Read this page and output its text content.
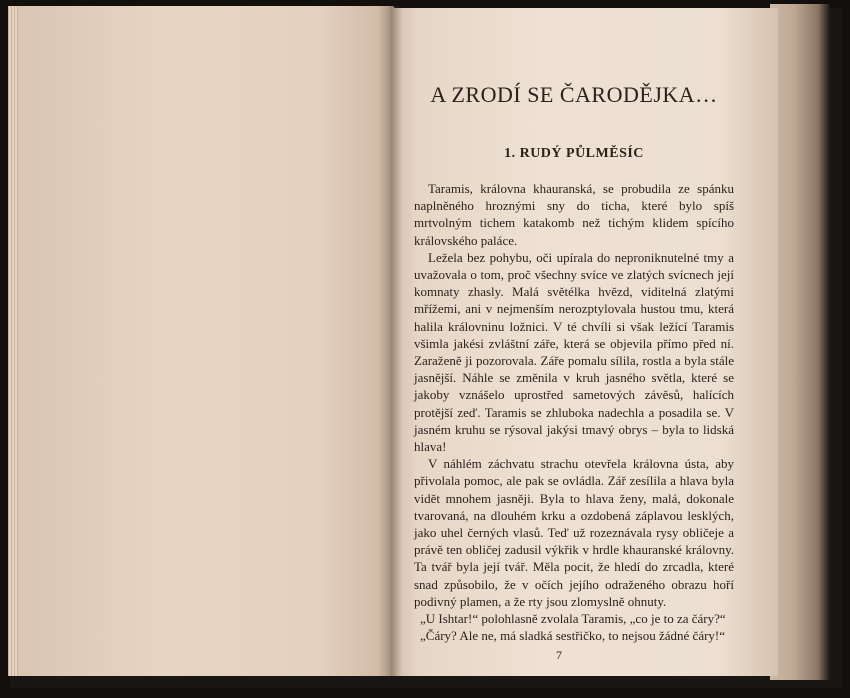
A ZRODÍ SE ČARODĚJKA…
1. RUDÝ PŮLMĚSÍC

Taramis, královna khauranská, se probudila ze spánku naplněného hroznými sny do ticha, které bylo spíš mrtvolným tichem katakomb než tichým klidem spícího královského paláce.

Ležela bez pohybu, oči upírala do neproniknutelné tmy a uvažovala o tom, proč všechny svíce ve zlatých svícnech její komnaty zhasly. Malá světélka hvězd, viditelná zlatými mřížemi, ani v nejmenším nerozptylovala hustou tmu, která halila královninu ložnici. V té chvíli si však ležící Taramis všimla jakési zvláštní záře, která se objevila přímo před ní. Zaraženě ji pozorovala. Záře pomalu sílila, rostla a byla stále jasnější. Náhle se změnila v kruh jasného světla, které se jakoby vznášelo uprostřed sametových závěsů, halících protější zeď. Taramis se zhluboka nadechla a posadila se. V jasném kruhu se rýsoval jakýsi tmavý obrys – byla to lidská hlava!

V náhlém záchvatu strachu otevřela královna ústa, aby přivolala pomoc, ale pak se ovládla. Zář zesílila a hlava byla vidět mnohem jasněji. Byla to hlava ženy, malá, dokonale tvarovaná, na dlouhém krku a ozdobená záplavou lesklých, jako uhel černých vlasů. Teď už rozeznávala rysy obličeje a právě ten obličej zadusil výkřik v hrdle khauranské královny. Ta tvář byla její tvář. Měla pocit, že hledí do zrcadla, které snad způsobilo, že v očích jejího odraženého obrazu hoří podivný plamen, a že rty jsou zlomyslně ohnuty.

„U Ishtar!“ polohlasně zvolala Taramis, „co je to za čáry?“

„Čáry? Ale ne, má sladká sestřičko, to nejsou žádné čáry!“

7
